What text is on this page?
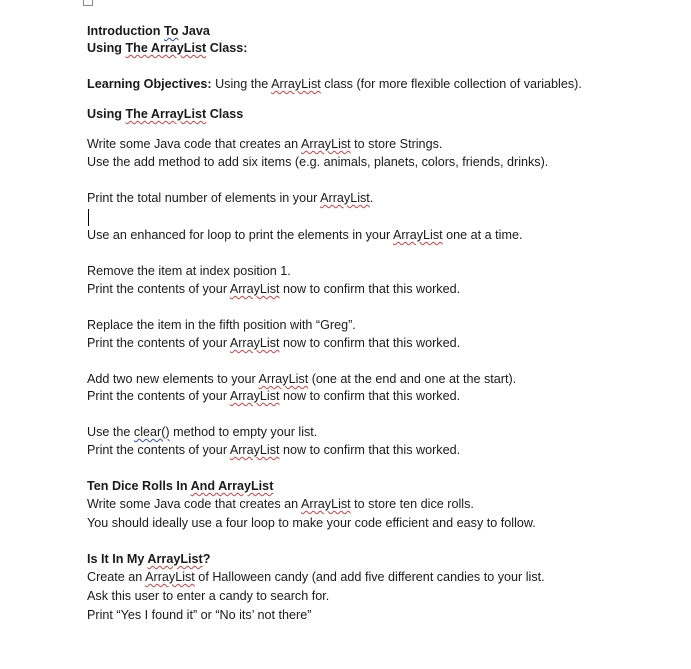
Introduction To Java

Using The ArrayList Class:

Learning Objectives: Using the ArrayList class (for more flexible collection of variables).

Using The ArrayList Class

Write some Java code that creates an ArrayList to store Strings.

Use the add method to add six items (e.g. animals, planets, colors, friends, drinks).

Print the total number of elements in your ArrayList.

Use an enhanced for loop to print the elements in your ArrayList one at a time.

Remove the item at index position 1.

Print the contents of your ArrayList now to confirm that this worked.

Replace the item in the fifth position with “Greg”.

Print the contents of your ArrayList now to confirm that this worked.

Add two new elements to your ArrayList (one at the end and one at the start).

Print the contents of your ArrayList now to confirm that this worked.

Use the clear() method to empty your list.

Print the contents of your ArrayList now to confirm that this worked.

Ten Dice Rolls In And ArrayList

Write some Java code that creates an ArrayList to store ten dice rolls.

You should ideally use a four loop to make your code efficient and easy to follow.

Is It In My ArrayList?

Create an ArrayList of Halloween candy (and add five different candies to your list.

Ask this user to enter a candy to search for.

Print “Yes I found it” or “No its’ not there”
